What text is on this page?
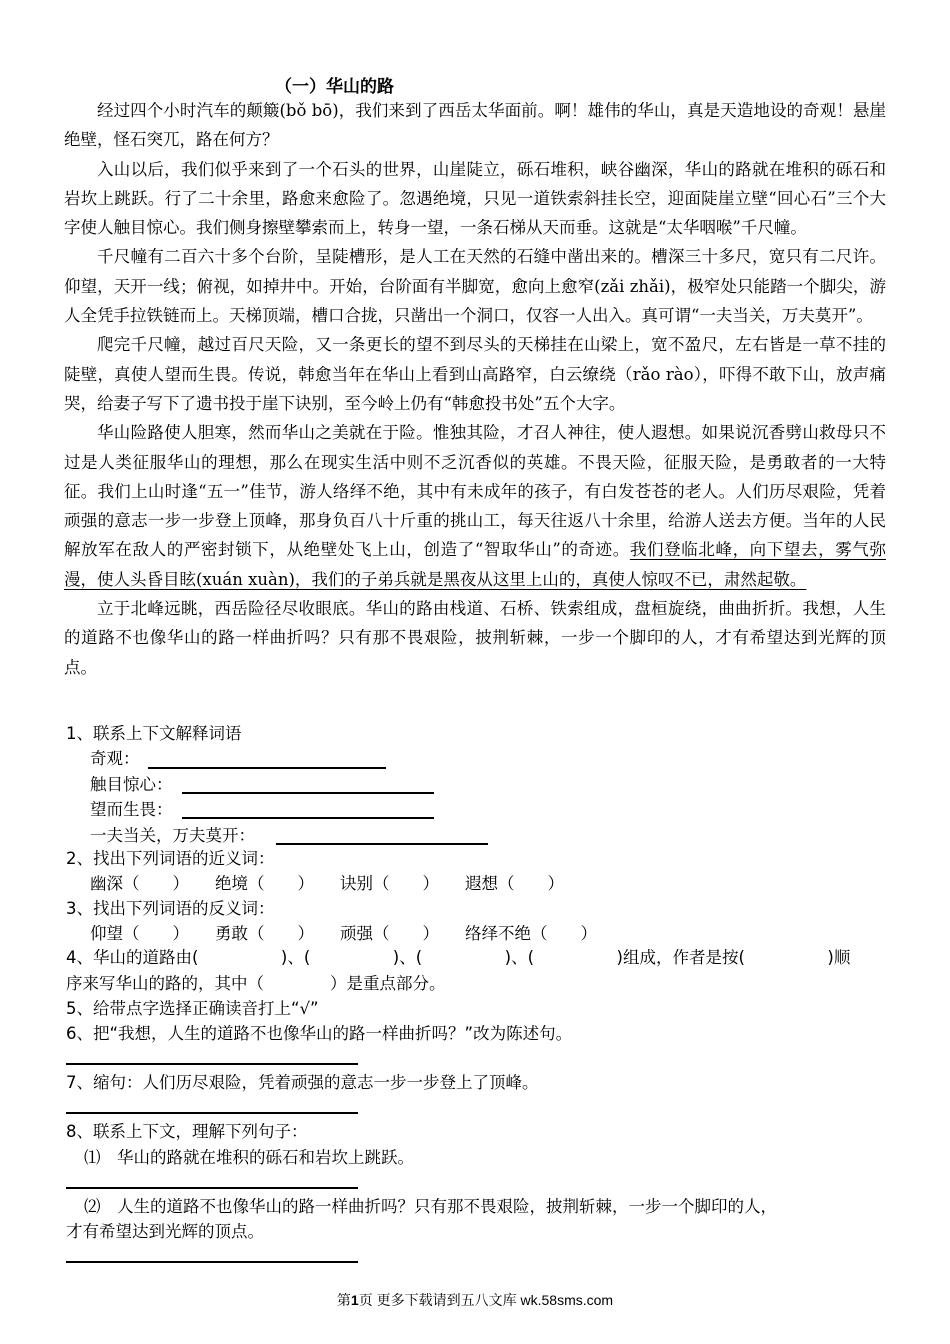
（一）华山的路

经过四个小时汽车的颠簸(bǒ bō)，我们来到了西岳太华面前。啊！雄伟的华山，真是天造地设的奇观！悬崖绝壁，怪石突兀，路在何方？

入山以后，我们似乎来到了一个石头的世界，山崖陡立，砾石堆积，峡谷幽深，华山的路就在堆积的砾石和岩坎上跳跃。行了二十余里，路愈来愈险了。忽遇绝境，只见一道铁索斜挂长空，迎面陡崖立壁“回心石”三个大字使人触目惊心。我们侧身擦壁攀索而上，转身一望，一条石梯从天而垂。这就是“太华咽喉”千尺幢。

千尺幢有二百六十多个台阶，呈陡槽形，是人工在天然的石缝中凿出来的。槽深三十多尺，宽只有二尺许。仰望，天开一线；俯视，如掉井中。开始，台阶面有半脚宽，愈向上愈窄(zǎi zhǎi)，极窄处只能踏一个脚尖，游人全凭手拉铁链而上。天梯顶端，槽口合拢，只凿出一个洞口，仅容一人出入。真可谓“一夫当关，万夫莫开”。

爬完千尺幢，越过百尺天险，又一条更长的望不到尽头的天梯挂在山梁上，宽不盈尺，左右皆是一草不挂的陡壁，真使人望而生畏。传说，韩愈当年在华山上看到山高路窄，白云缭绕（rǎo rào），吓得不敢下山，放声痛哭，给妻子写下了遗书投于崖下诀别，至今岭上仍有“韩愈投书处”五个大字。

华山险路使人胆寒，然而华山之美就在于险。惟独其险，才召人神往，使人遐想。如果说沉香劈山救母只不过是人类征服华山的理想，那么在现实生活中则不乏沉香似的英雄。不畏天险，征服天险，是勇敢者的一大特征。我们上山时逢“五一”佳节，游人络绎不绝，其中有未成年的孩子，有白发苍苍的老人。人们历尽艰险，凭着顽强的意志一步一步登上顶峰，那身负百八十斤重的挑山工，每天往返八十余里，给游人送去方便。当年的人民解放军在敌人的严密封锁下，从绝壁处飞上山，创造了“智取华山”的奇迹。我们登临北峰，向下望去，雾气弥漫，使人头昏目眩(xuán xuàn)，我们的子弟兵就是黑夜从这里上山的，真使人惊叹不已，肃然起敬。

立于北峰远眺，西岳险径尽收眼底。华山的路由栈道、石桥、铁索组成，盘桓旋绕，曲曲折折。我想，人生的道路不也像华山的路一样曲折吗？只有那不畏艰险，披荆斩棘，一步一个脚印的人，才有希望达到光辉的顶点。

1、联系上下文解释词语
奇观：
触目惊心：
望而生畏：
一夫当关，万夫莫开：
2、找出下列词语的近义词：
幽深（　　） 绝境（　　） 诀别（　　） 遐想（　　）
3、找出下列词语的反义词：
仰望（　　） 勇敢（　　） 顽强（　　） 络绎不绝（　　）
4、华山的道路由(　　　　　)、(　　　　　)、(　　　　　)、(　　　　　)组成，作者是按(　　　　　)顺
序来写华山的路的，其中（　　　　）是重点部分。
5、给带点字选择正确读音打上“√”
6、把“我想，人生的道路不也像华山的路一样曲折吗？”改为陈述句。
7、缩句：人们历尽艰险，凭着顽强的意志一步一步登上了顶峰。
8、联系上下文，理解下列句子：
⑴　华山的路就在堆积的砾石和岩坎上跳跃。
⑵　人生的道路不也像华山的路一样曲折吗？只有那不畏艰险，披荆斩棘，一步一个脚印的人，
才有希望达到光辉的顶点。
第1页 更多下载请到五八文库 wk.58sms.com
